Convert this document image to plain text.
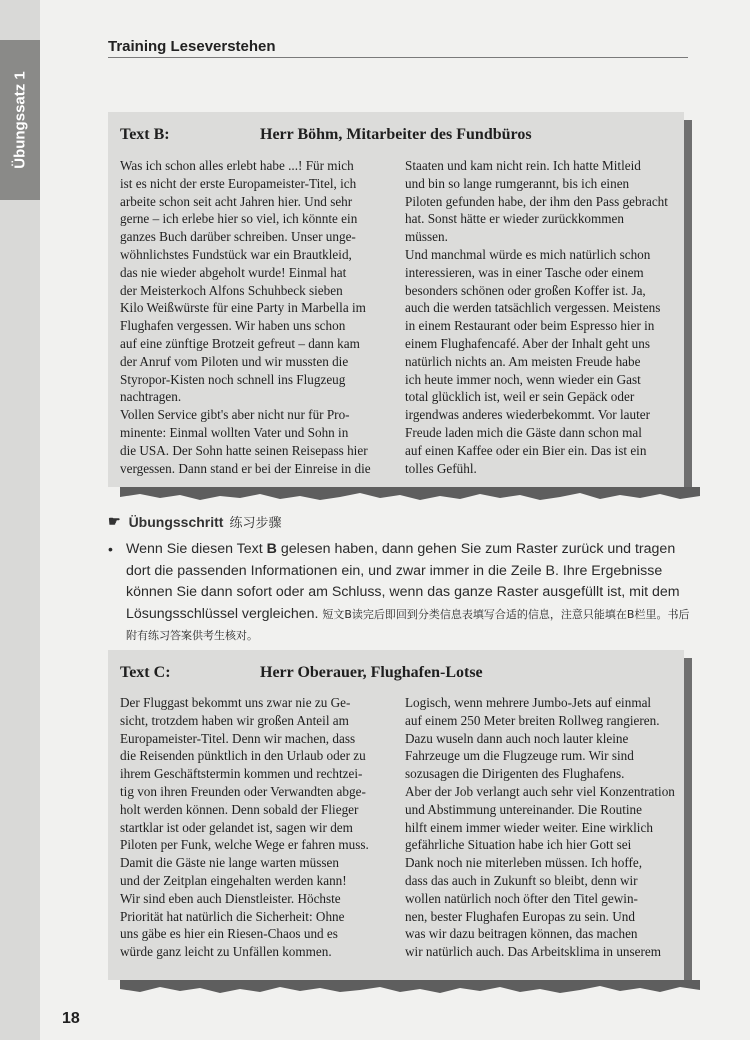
Übungssatz 1
Training Leseverstehen
Text B:	Herr Böhm, Mitarbeiter des Fundbüros

Was ich schon alles erlebt habe ...! Für mich

ist es nicht der erste Europameister-Titel, ich

arbeite schon seit acht Jahren hier. Und sehr

gerne – ich erlebe hier so viel, ich könnte ein

ganzes Buch darüber schreiben. Unser unge-

wöhnlichstes Fundstück war ein Brautkleid,

das nie wieder abgeholt wurde! Einmal hat

der Meisterkoch Alfons Schuhbeck sieben

Kilo Weißwürste für eine Party in Marbella im

Flughafen vergessen. Wir haben uns schon

auf eine zünftige Brotzeit gefreut – dann kam

der Anruf vom Piloten und wir mussten die

Styropor-Kisten noch schnell ins Flugzeug

nachtragen.

Vollen Service gibt's aber nicht nur für Pro-

minente: Einmal wollten Vater und Sohn in

die USA. Der Sohn hatte seinen Reisepass hier

vergessen. Dann stand er bei der Einreise in die

Staaten und kam nicht rein. Ich hatte Mitleid

und bin so lange rumgerannt, bis ich einen

Piloten gefunden habe, der ihm den Pass gebracht

hat. Sonst hätte er wieder zurückkommen

müssen.

Und manchmal würde es mich natürlich schon

interessieren, was in einer Tasche oder einem

besonders schönen oder großen Koffer ist. Ja,

auch die werden tatsächlich vergessen. Meistens

in einem Restaurant oder beim Espresso hier in

einem Flughafencafé. Aber der Inhalt geht uns

natürlich nichts an. Am meisten Freude habe

ich heute immer noch, wenn wieder ein Gast

total glücklich ist, weil er sein Gepäck oder

irgendwas anderes wiederbekommt. Vor lauter

Freude laden mich die Gäste dann schon mal

auf einen Kaffee oder ein Bier ein. Das ist ein

tolles Gefühl.

☛ Übungsschritt 练习步骤
• Wenn Sie diesen Text B gelesen haben, dann gehen Sie zum Raster zurück und tragen dort die passenden Informationen ein, und zwar immer in die Zeile B. Ihre Ergebnisse können Sie dann sofort oder am Schluss, wenn das ganze Raster ausgefüllt ist, mit dem Lösungsschlüssel vergleichen. 短文B读完后即回到分类信息表填写合适的信息，注意只能填在B栏里。书后附有练习答案供考生核对。
Text C:	Herr Oberauer, Flughafen-Lotse

Der Fluggast bekommt uns zwar nie zu Ge-

sicht, trotzdem haben wir großen Anteil am

Europameister-Titel. Denn wir machen, dass

die Reisenden pünktlich in den Urlaub oder zu

ihrem Geschäftstermin kommen und rechtzei-

tig von ihren Freunden oder Verwandten abge-

holt werden können. Denn sobald der Flieger

startklar ist oder gelandet ist, sagen wir dem

Piloten per Funk, welche Wege er fahren muss.

Damit die Gäste nie lange warten müssen

und der Zeitplan eingehalten werden kann!

Wir sind eben auch Dienstleister. Höchste

Priorität hat natürlich die Sicherheit: Ohne

uns gäbe es hier ein Riesen-Chaos und es

würde ganz leicht zu Unfällen kommen.

Logisch, wenn mehrere Jumbo-Jets auf einmal

auf einem 250 Meter breiten Rollweg rangieren.

Dazu wuseln dann auch noch lauter kleine

Fahrzeuge um die Flugzeuge rum. Wir sind

sozusagen die Dirigenten des Flughafens.

Aber der Job verlangt auch sehr viel Konzentration

und Abstimmung untereinander. Die Routine

hilft einem immer wieder weiter. Eine wirklich

gefährliche Situation habe ich hier Gott sei

Dank noch nie miterleben müssen. Ich hoffe,

dass das auch in Zukunft so bleibt, denn wir

wollen natürlich noch öfter den Titel gewin-

nen, bester Flughafen Europas zu sein. Und

was wir dazu beitragen können, das machen

wir natürlich auch. Das Arbeitsklima in unserem

18
